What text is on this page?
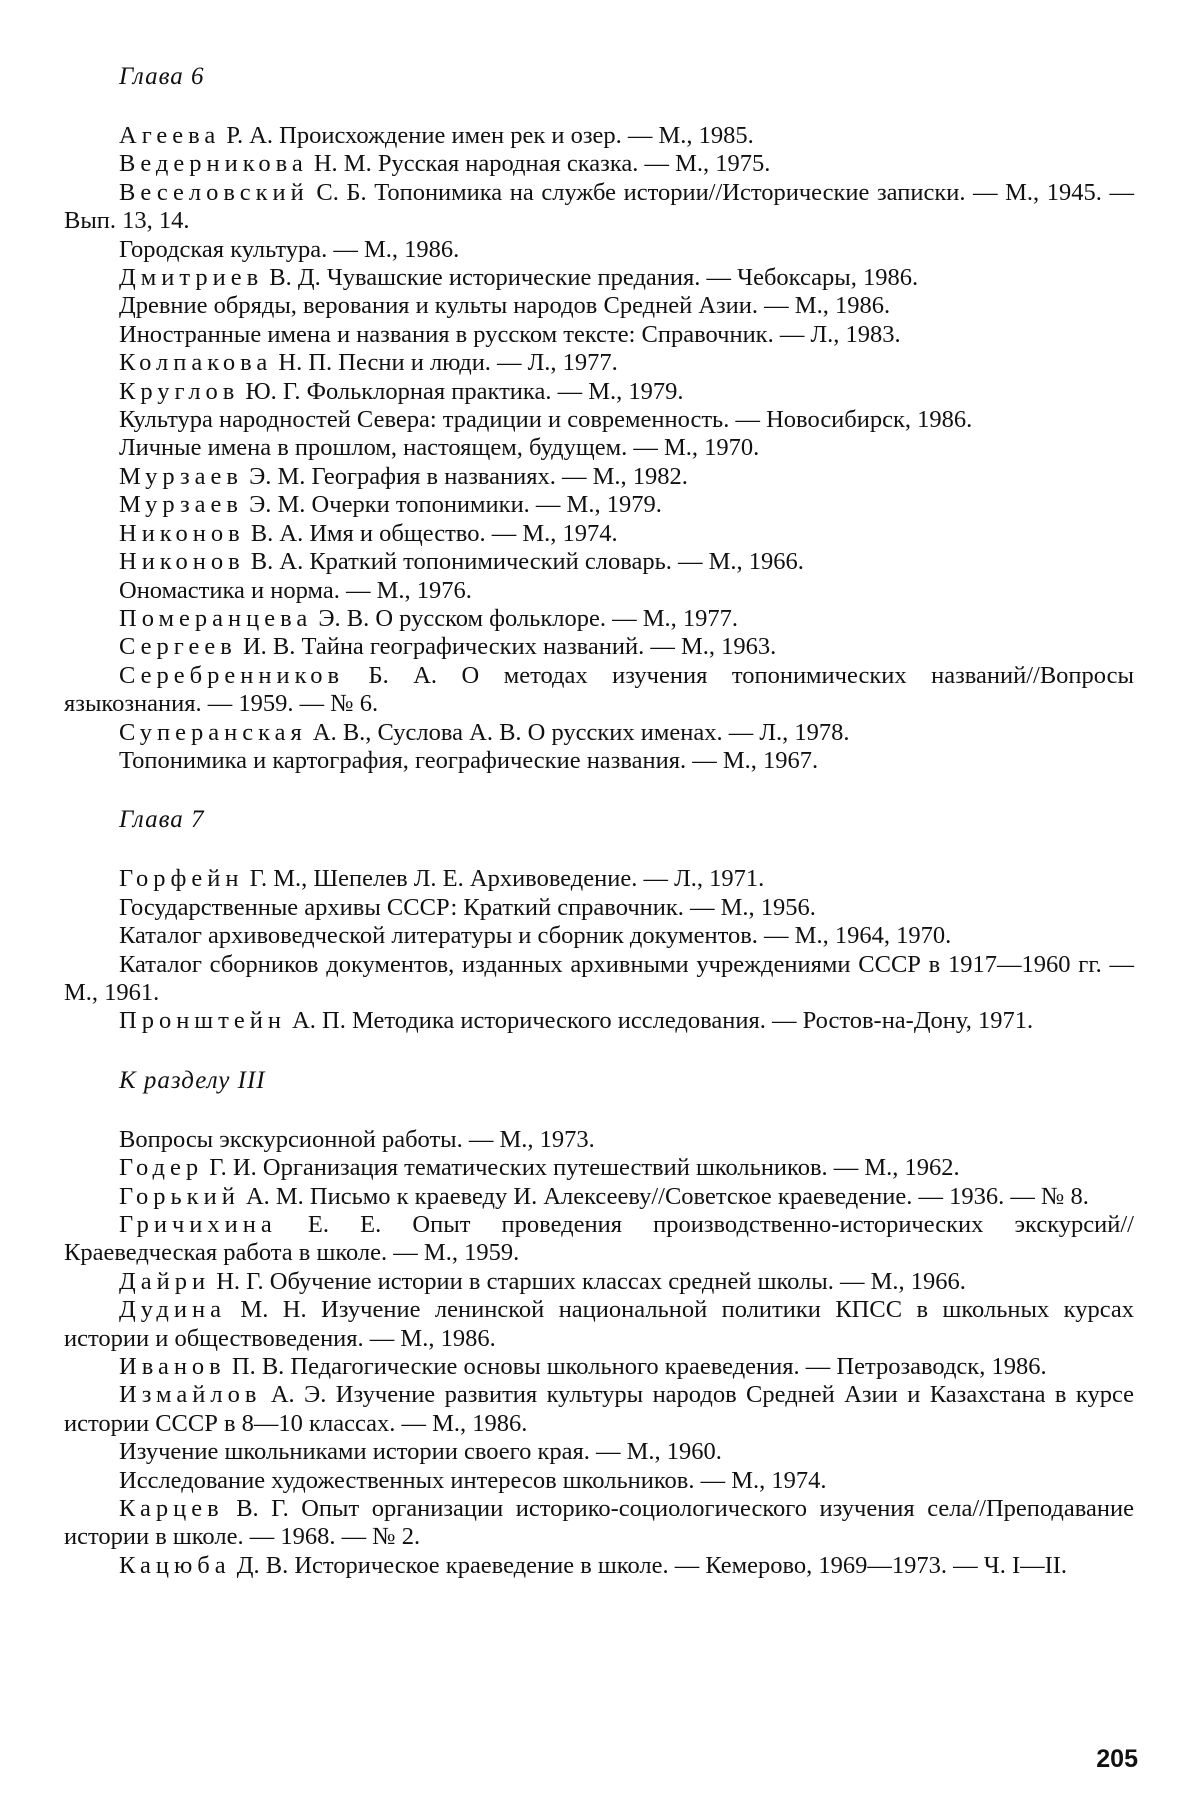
Глава 6

Агеева Р. А. Происхождение имен рек и озер. — М., 1985.

Ведерникова Н. М. Русская народная сказка. — М., 1975.

Веселовский С. Б. Топонимика на службе истории//Исторические записки. — М., 1945. — Вып. 13, 14.

Городская культура. — М., 1986.

Дмитриев В. Д. Чувашские исторические предания. — Чебоксары, 1986.

Древние обряды, верования и культы народов Средней Азии. — М., 1986.

Иностранные имена и названия в русском тексте: Справочник. — Л., 1983.

Колпакова Н. П. Песни и люди. — Л., 1977.

Круглов Ю. Г. Фольклорная практика. — М., 1979.

Культура народностей Севера: традиции и современность. — Новосибирск, 1986.

Личные имена в прошлом, настоящем, будущем. — М., 1970.

Мурзаев Э. М. География в названиях. — М., 1982.

Мурзаев Э. М. Очерки топонимики. — М., 1979.

Никонов В. А. Имя и общество. — М., 1974.

Никонов В. А. Краткий топонимический словарь. — М., 1966.

Ономастика и норма. — М., 1976.

Померанцева Э. В. О русском фольклоре. — М., 1977.

Сергеев И. В. Тайна географических названий. — М., 1963.

Серебренников Б. А. О методах изучения топонимических названий//Вопросы языкознания. — 1959. — № 6.

Суперанская А. В., Суслова А. В. О русских именах. — Л., 1978.

Топонимика и картография, географические названия. — М., 1967.

Глава 7

Горфейн Г. М., Шепелев Л. Е. Архивоведение. — Л., 1971.

Государственные архивы СССР: Краткий справочник. — М., 1956.

Каталог архивоведческой литературы и сборник документов. — М., 1964, 1970.

Каталог сборников документов, изданных архивными учреждениями СССР в 1917—1960 гг. — М., 1961.

Пронштейн А. П. Методика исторического исследования. — Ростов-на-Дону, 1971.

К разделу III

Вопросы экскурсионной работы. — М., 1973.

Годер Г. И. Организация тематических путешествий школьников. — М., 1962.

Горький А. М. Письмо к краеведу И. Алексееву//Советское краеведение. — 1936. — № 8.

Гричихина Е. Е. Опыт проведения производственно-исторических экскурсий//Краеведческая работа в школе. — М., 1959.

Дайри Н. Г. Обучение истории в старших классах средней школы. — М., 1966.

Дудина М. Н. Изучение ленинской национальной политики КПСС в школьных курсах истории и обществоведения. — М., 1986.

Иванов П. В. Педагогические основы школьного краеведения. — Петрозаводск, 1986.

Измайлов А. Э. Изучение развития культуры народов Средней Азии и Казахстана в курсе истории СССР в 8—10 классах. — М., 1986.

Изучение школьниками истории своего края. — М., 1960.

Исследование художественных интересов школьников. — М., 1974.

Карцев В. Г. Опыт организации историко-социологического изучения села//Преподавание истории в школе. — 1968. — № 2.

Кацюба Д. В. Историческое краеведение в школе. — Кемерово, 1969—1973. — Ч. I—II.

205
